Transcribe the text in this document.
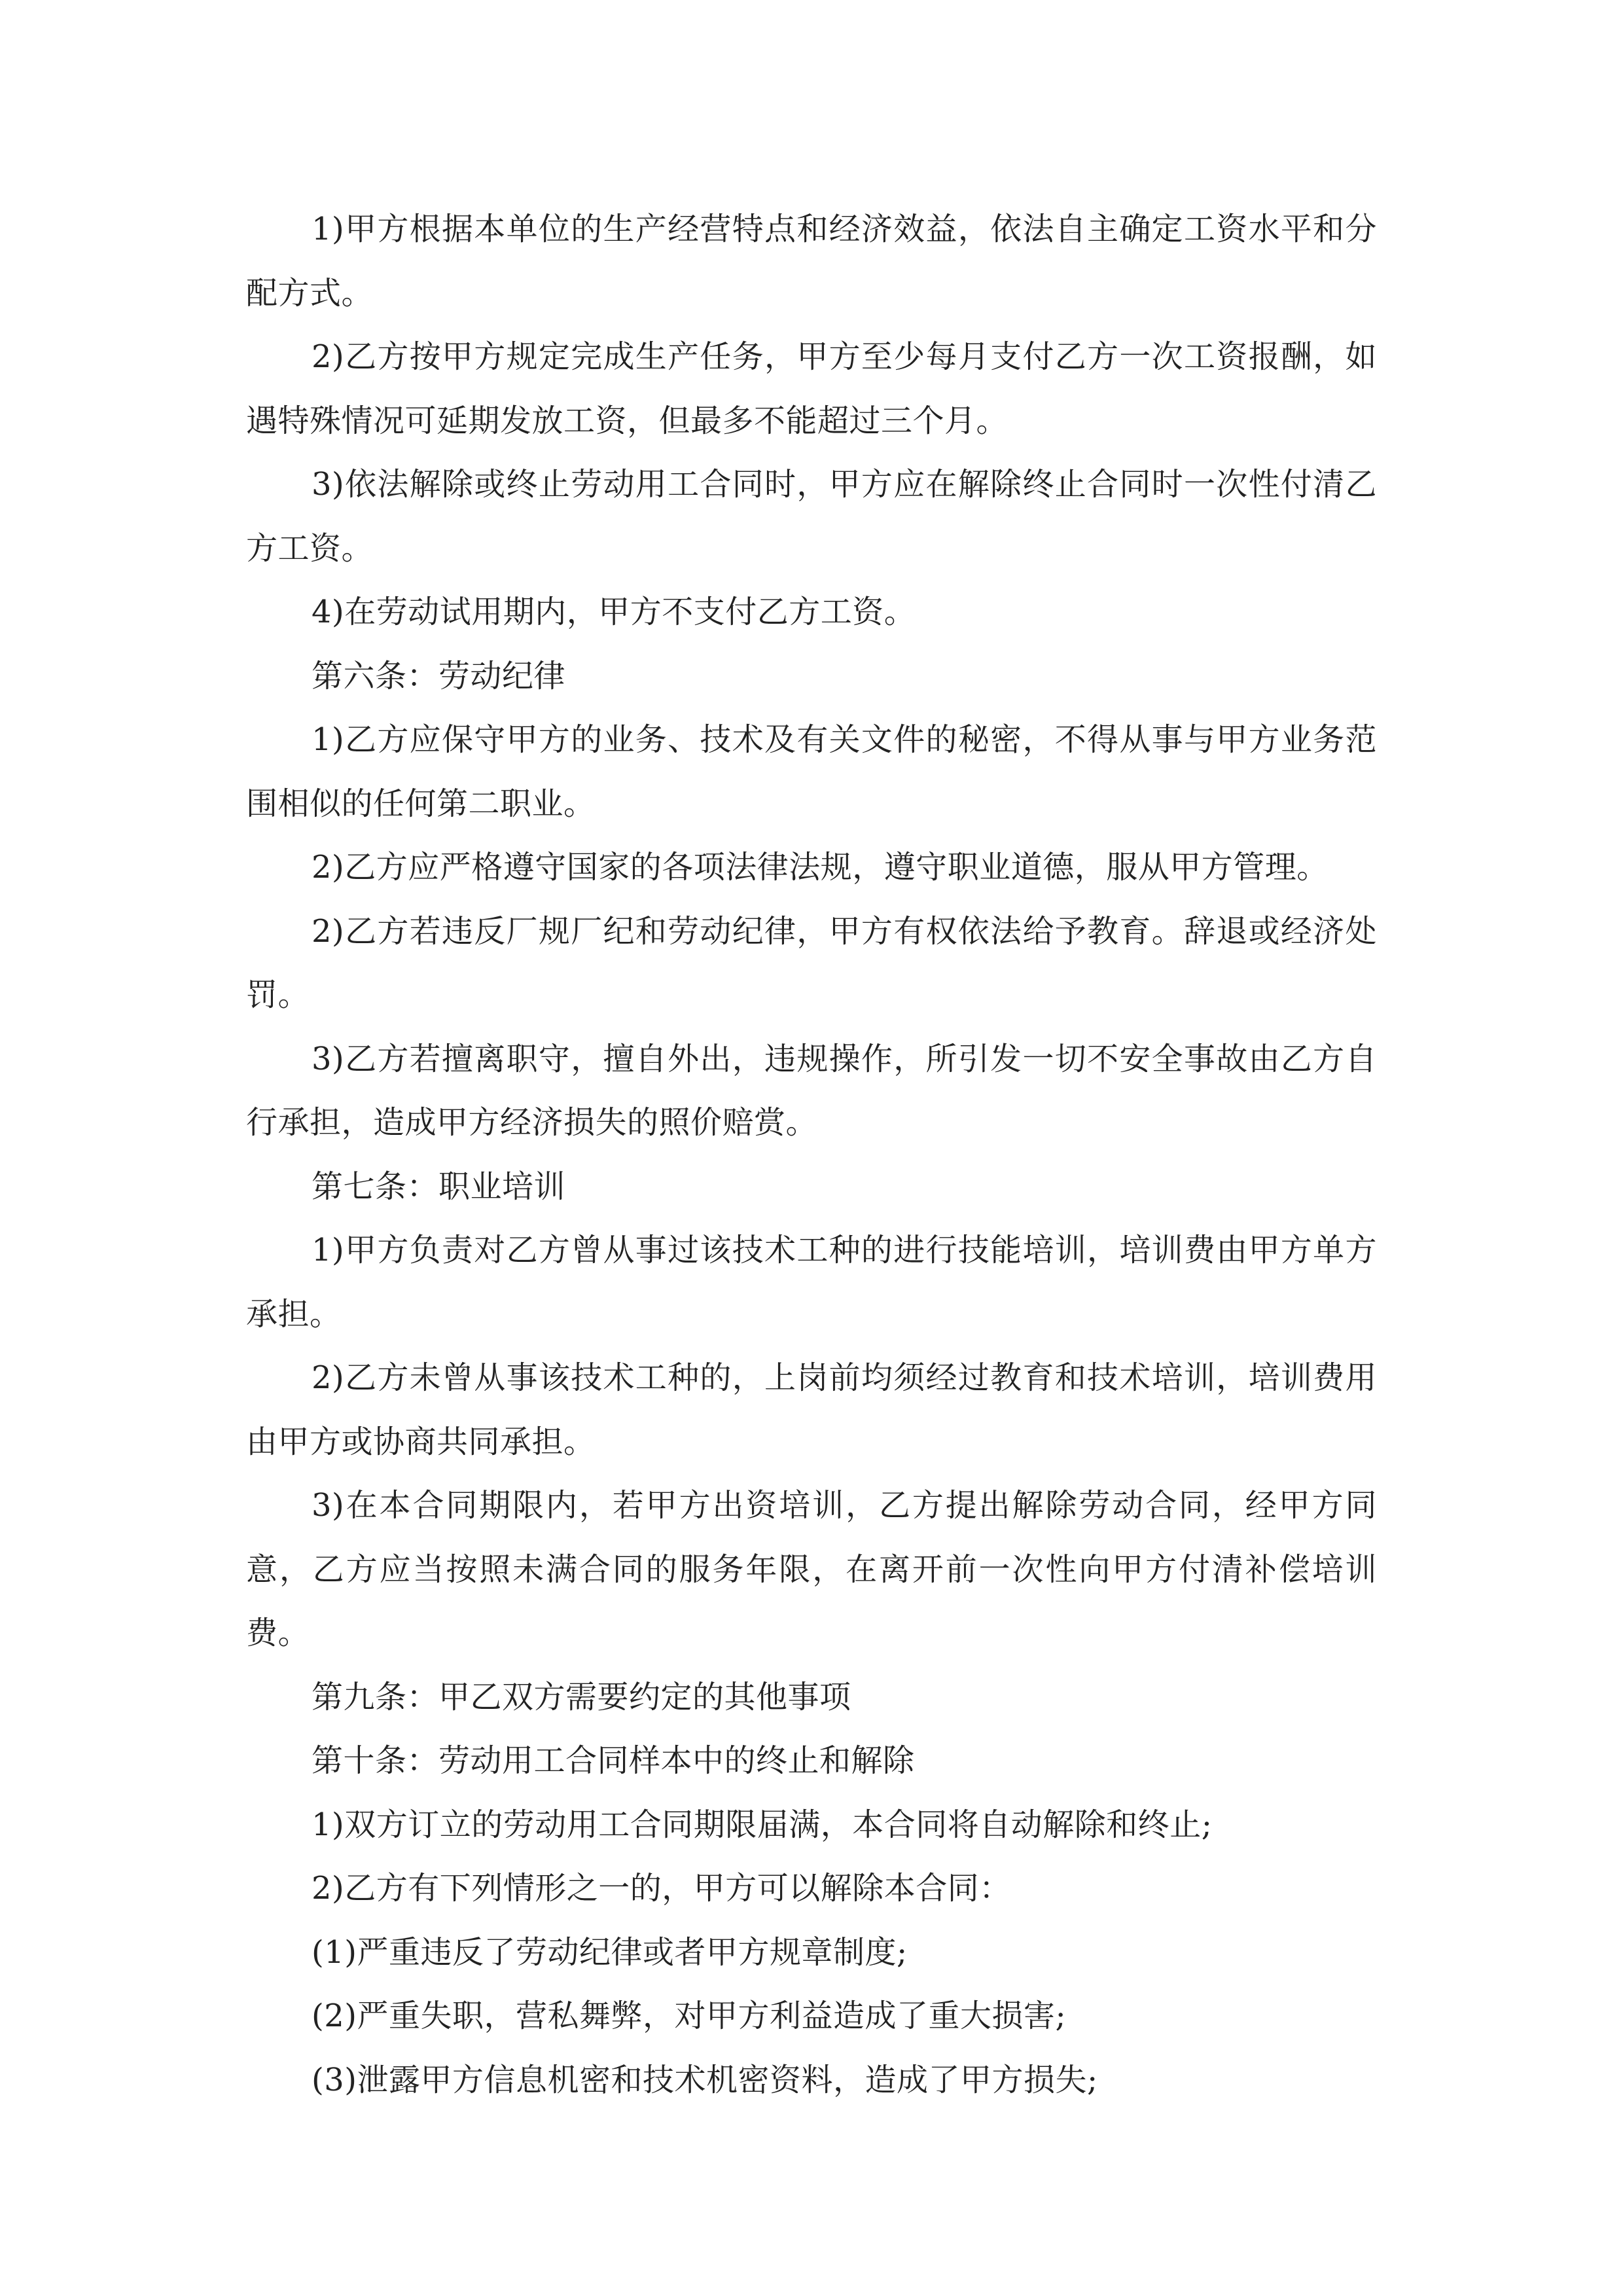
1)甲方根据本单位的生产经营特点和经济效益，依法自主确定工资水平和分配方式。

2)乙方按甲方规定完成生产任务，甲方至少每月支付乙方一次工资报酬，如遇特殊情况可延期发放工资，但最多不能超过三个月。

3)依法解除或终止劳动用工合同时，甲方应在解除终止合同时一次性付清乙方工资。

4)在劳动试用期内，甲方不支付乙方工资。

第六条：劳动纪律

1)乙方应保守甲方的业务、技术及有关文件的秘密，不得从事与甲方业务范围相似的任何第二职业。

2)乙方应严格遵守国家的各项法律法规，遵守职业道德，服从甲方管理。

2)乙方若违反厂规厂纪和劳动纪律，甲方有权依法给予教育。辞退或经济处罚。

3)乙方若擅离职守，擅自外出，违规操作，所引发一切不安全事故由乙方自行承担，造成甲方经济损失的照价赔赏。

第七条：职业培训

1)甲方负责对乙方曾从事过该技术工种的进行技能培训，培训费由甲方单方承担。

2)乙方未曾从事该技术工种的，上岗前均须经过教育和技术培训，培训费用由甲方或协商共同承担。

3)在本合同期限内，若甲方出资培训，乙方提出解除劳动合同，经甲方同意，乙方应当按照未满合同的服务年限，在离开前一次性向甲方付清补偿培训费。

第九条：甲乙双方需要约定的其他事项

第十条：劳动用工合同样本中的终止和解除

1)双方订立的劳动用工合同期限届满，本合同将自动解除和终止;

2)乙方有下列情形之一的，甲方可以解除本合同：

(1)严重违反了劳动纪律或者甲方规章制度;

(2)严重失职，营私舞弊，对甲方利益造成了重大损害;

(3)泄露甲方信息机密和技术机密资料，造成了甲方损失;
